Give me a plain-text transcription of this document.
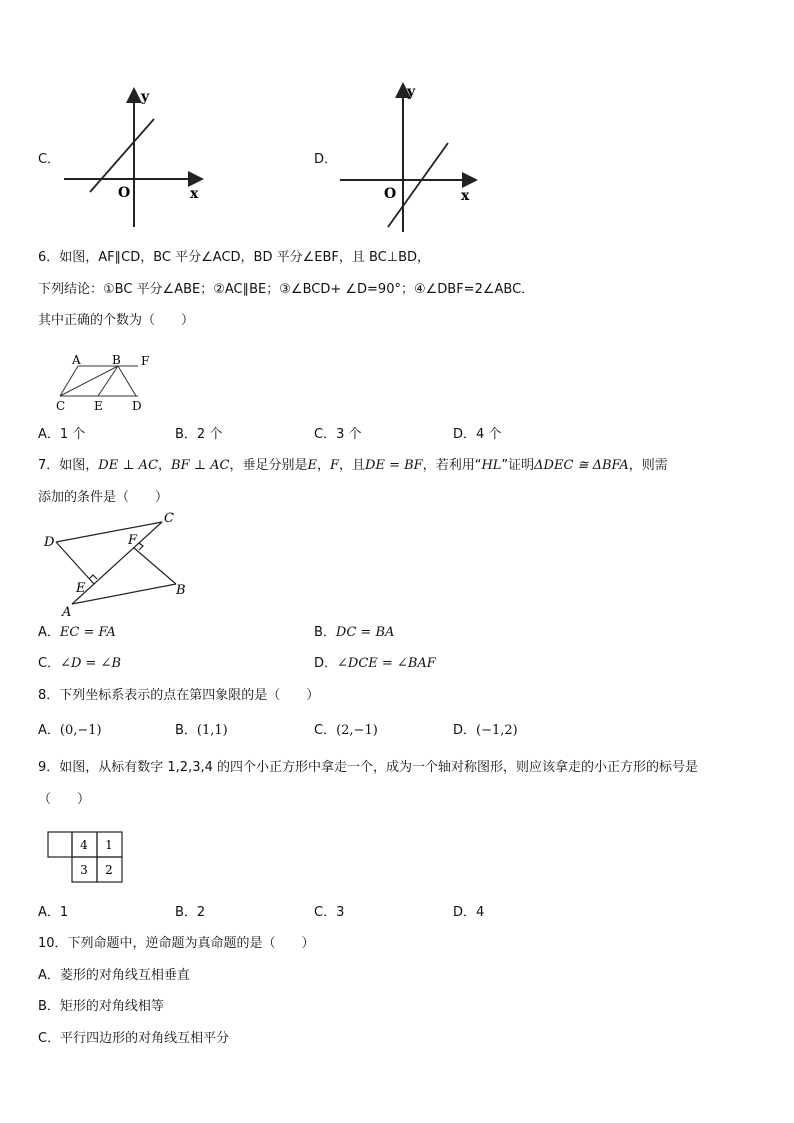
C．
y
x
O
D．
y
x
O
6．如图，AF∥CD，BC 平分∠ACD，BD 平分∠EBF，且 BC⊥BD，
下列结论：①BC 平分∠ABE；②AC∥BE；③∠BCD+ ∠D=90°；④∠DBF=2∠ABC．
其中正确的个数为（　　）
A	B F
C E D
A．1 个	B．2 个	C．3 个	D．4 个
7．如图，DE ⊥ AC，BF ⊥ AC，垂足分别是E，F，且DE = BF，若利用“HL”证明ΔDEC ≅ ΔBFA，则需
添加的条件是（　　）
C
D	F
E
A
B
A．EC = FA	B．DC = BA
C．∠D = ∠B	D．∠DCE = ∠BAF
8．下列坐标系表示的点在第四象限的是（　　）
A．(0,−1)	B．(1,1)	C．(2,−1)	D．(−1,2)
9．如图，从标有数字 1,2,3,4 的四个小正方形中拿走一个，成为一个轴对称图形，则应该拿走的小正方形的标号是
（　　）
4 1
3 2
A．1	B．2	C．3	D．4
10．下列命题中，逆命题为真命题的是（　　）
A．菱形的对角线互相垂直
B．矩形的对角线相等
C．平行四边形的对角线互相平分
